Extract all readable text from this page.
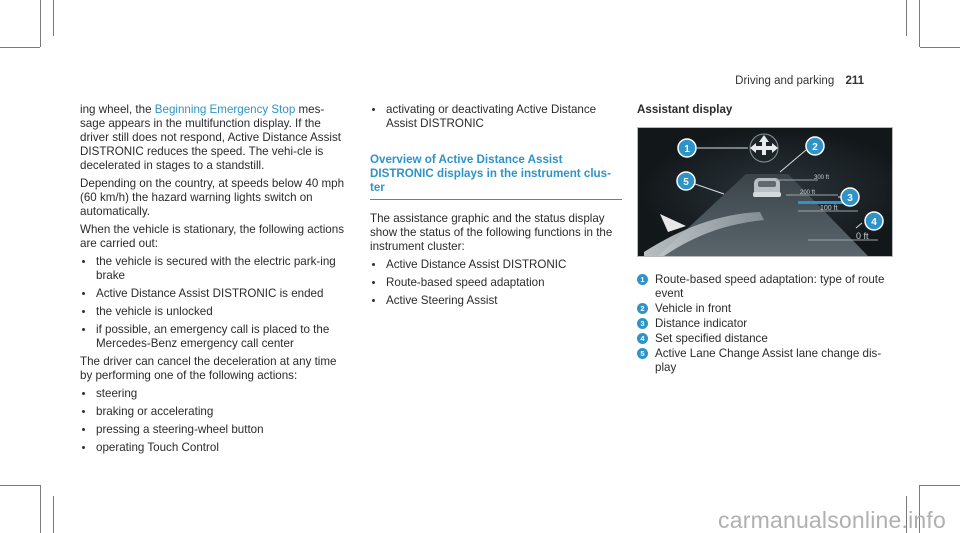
Driving and parking 211

ing wheel, the Beginning Emergency Stop mes-sage appears in the multifunction display. If the driver still does not respond, Active Distance Assist DISTRONIC reduces the speed. The vehi-cle is decelerated in stages to a standstill.

Depending on the country, at speeds below 40 mph (60 km/h) the hazard warning lights switch on automatically.

When the vehicle is stationary, the following actions are carried out:

the vehicle is secured with the electric park-ing brake
Active Distance Assist DISTRONIC is ended
the vehicle is unlocked
if possible, an emergency call is placed to the Mercedes-Benz emergency call center

The driver can cancel the deceleration at any time by performing one of the following actions:

steering
braking or accelerating
pressing a steering-wheel button
operating Touch Control
activating or deactivating Active Distance Assist DISTRONIC
Overview of Active Distance Assist DISTRONIC displays in the instrument clus-ter

The assistance graphic and the status display show the status of the following functions in the instrument cluster:

Active Distance Assist DISTRONIC
Route-based speed adaptation
Active Steering Assist
Assistant display
300 ft
200 ft
100 ft
0 ft
1	2
3
4
5
1 Route-based speed adaptation: type of route event
2 Vehicle in front
3 Distance indicator
4 Set specified distance
5 Active Lane Change Assist lane change dis-play
carmanualsonline.info
